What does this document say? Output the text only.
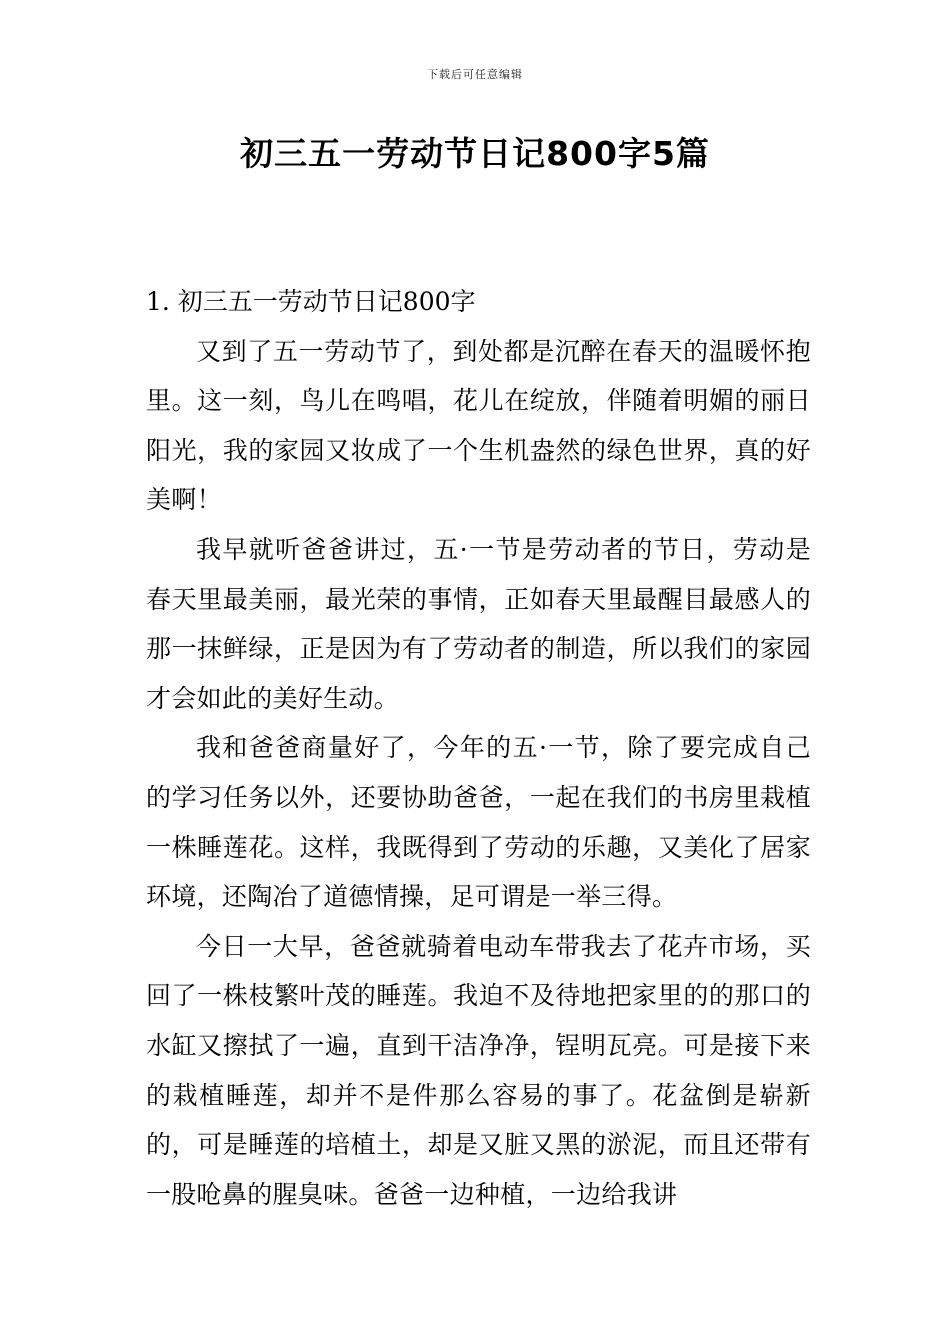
下载后可任意编辑
初三五一劳动节日记800字5篇
1. 初三五一劳动节日记800字

又到了五一劳动节了，到处都是沉醉在春天的温暖怀抱里。这一刻，鸟儿在鸣唱，花儿在绽放，伴随着明媚的丽日阳光，我的家园又妆成了一个生机盎然的绿色世界，真的好美啊！

我早就听爸爸讲过，五·一节是劳动者的节日，劳动是春天里最美丽，最光荣的事情，正如春天里最醒目最感人的那一抹鲜绿，正是因为有了劳动者的制造，所以我们的家园才会如此的美好生动。

我和爸爸商量好了，今年的五·一节，除了要完成自己的学习任务以外，还要协助爸爸，一起在我们的书房里栽植一株睡莲花。这样，我既得到了劳动的乐趣，又美化了居家环境，还陶冶了道德情操，足可谓是一举三得。

今日一大早，爸爸就骑着电动车带我去了花卉市场，买回了一株枝繁叶茂的睡莲。我迫不及待地把家里的的那口的水缸又擦拭了一遍，直到干洁净净，锃明瓦亮。可是接下来的栽植睡莲，却并不是件那么容易的事了。花盆倒是崭新的，可是睡莲的培植土，却是又脏又黑的淤泥，而且还带有一股呛鼻的腥臭味。爸爸一边种植，一边给我讲
